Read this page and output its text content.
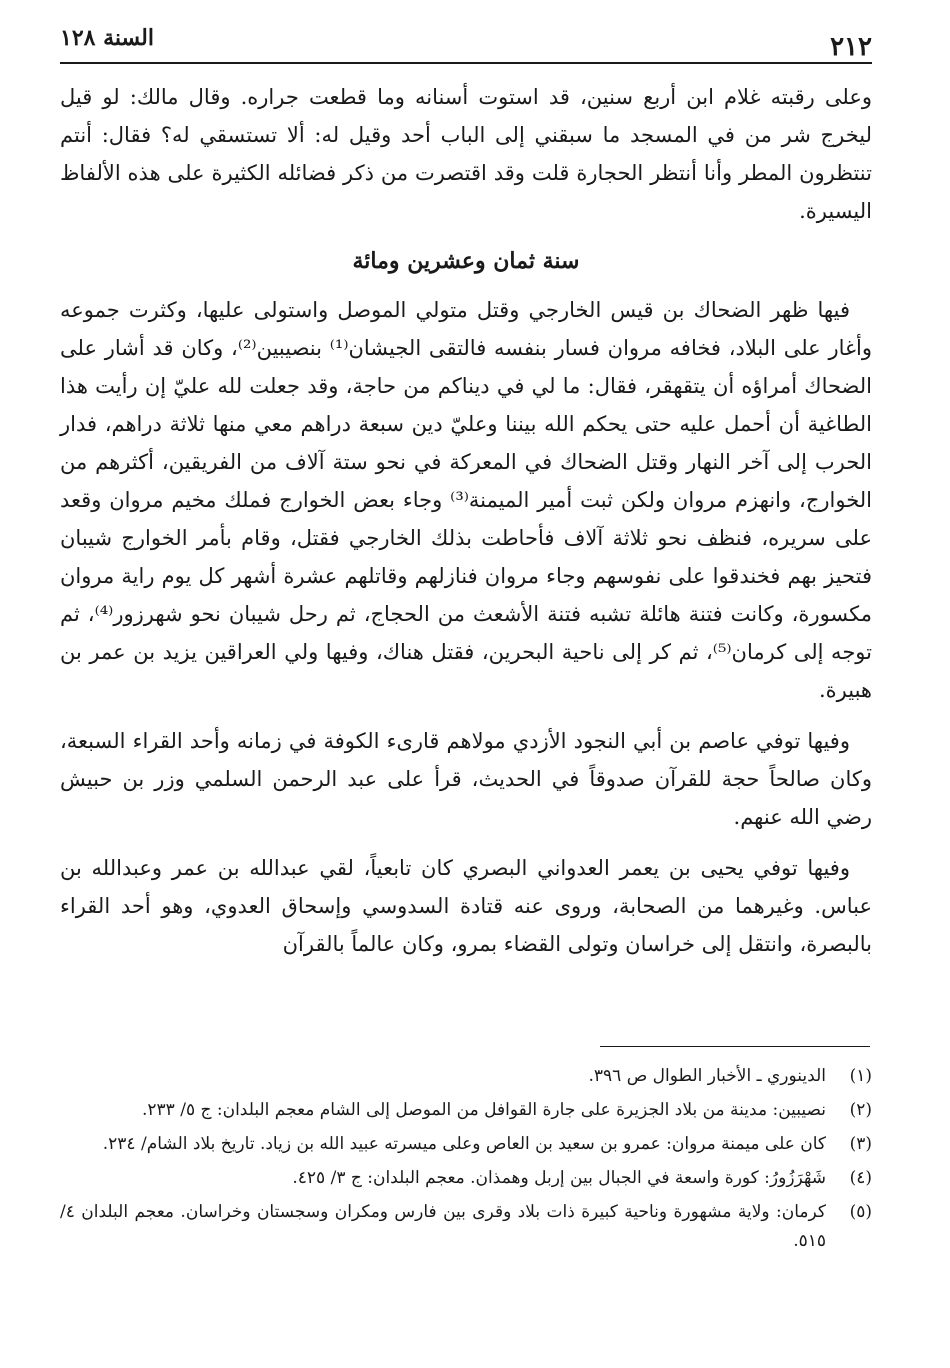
٢١٢
السنة ١٢٨

وعلى رقبته غلام ابن أربع سنين، قد استوت أسنانه وما قطعت جراره. وقال مالك: لو قيل ليخرج شر من في المسجد ما سبقني إلى الباب أحد وقيل له: ألا تستسقي له؟ فقال: أنتم تنتظرون المطر وأنا أنتظر الحجارة قلت وقد اقتصرت من ذكر فضائله الكثيرة على هذه الألفاظ اليسيرة.

سنة ثمان وعشرين ومائة

فيها ظهر الضحاك بن قيس الخارجي وقتل متولي الموصل واستولى عليها، وكثرت جموعه وأغار على البلاد، فخافه مروان فسار بنفسه فالتقى الجيشان⁽¹⁾ بنصيبين⁽²⁾، وكان قد أشار على الضحاك أمراؤه أن يتقهقر، فقال: ما لي في ديناكم من حاجة، وقد جعلت لله عليّ إن رأيت هذا الطاغية أن أحمل عليه حتى يحكم الله بيننا وعليّ دين سبعة دراهم معي منها ثلاثة دراهم، فدار الحرب إلى آخر النهار وقتل الضحاك في المعركة في نحو ستة آلاف من الفريقين، أكثرهم من الخوارج، وانهزم مروان ولكن ثبت أمير الميمنة⁽³⁾ وجاء بعض الخوارج فملك مخيم مروان وقعد على سريره، فنظف نحو ثلاثة آلاف فأحاطت بذلك الخارجي فقتل، وقام بأمر الخوارج شيبان فتحيز بهم فخندقوا على نفوسهم وجاء مروان فنازلهم وقاتلهم عشرة أشهر كل يوم راية مروان مكسورة، وكانت فتنة هائلة تشبه فتنة الأشعث من الحجاج، ثم رحل شيبان نحو شهرزور⁽⁴⁾، ثم توجه إلى كرمان⁽⁵⁾، ثم كر إلى ناحية البحرين، فقتل هناك، وفيها ولي العراقين يزيد بن عمر بن هبيرة.

وفيها توفي عاصم بن أبي النجود الأزدي مولاهم قارىء الكوفة في زمانه وأحد القراء السبعة، وكان صالحاً حجة للقرآن صدوقاً في الحديث، قرأ على عبد الرحمن السلمي وزر بن حبيش رضي الله عنهم.

وفيها توفي يحيى بن يعمر العدواني البصري كان تابعياً، لقي عبدالله بن عمر وعبدالله بن عباس. وغيرهما من الصحابة، وروى عنه قتادة السدوسي وإسحاق العدوي، وهو أحد القراء بالبصرة، وانتقل إلى خراسان وتولى القضاء بمرو، وكان عالماً بالقرآن

(١)
الدينوري ـ الأخبار الطوال ص ٣٩٦.
(٢)
نصيبين: مدينة من بلاد الجزيرة على جارة القوافل من الموصل إلى الشام معجم البلدان: ج ٥/ ٢٣٣.
(٣)
كان على ميمنة مروان: عمرو بن سعيد بن العاص وعلى ميسرته عبيد الله بن زياد. تاريخ بلاد الشام/ ٢٣٤.
(٤)
شَهْرَزُورُ: كورة واسعة في الجبال بين إربل وهمذان. معجم البلدان: ج ٣/ ٤٢٥.
(٥)
كرمان: ولاية مشهورة وناحية كبيرة ذات بلاد وقرى بين فارس ومكران وسجستان وخراسان. معجم البلدان ٤/ ٥١٥.
